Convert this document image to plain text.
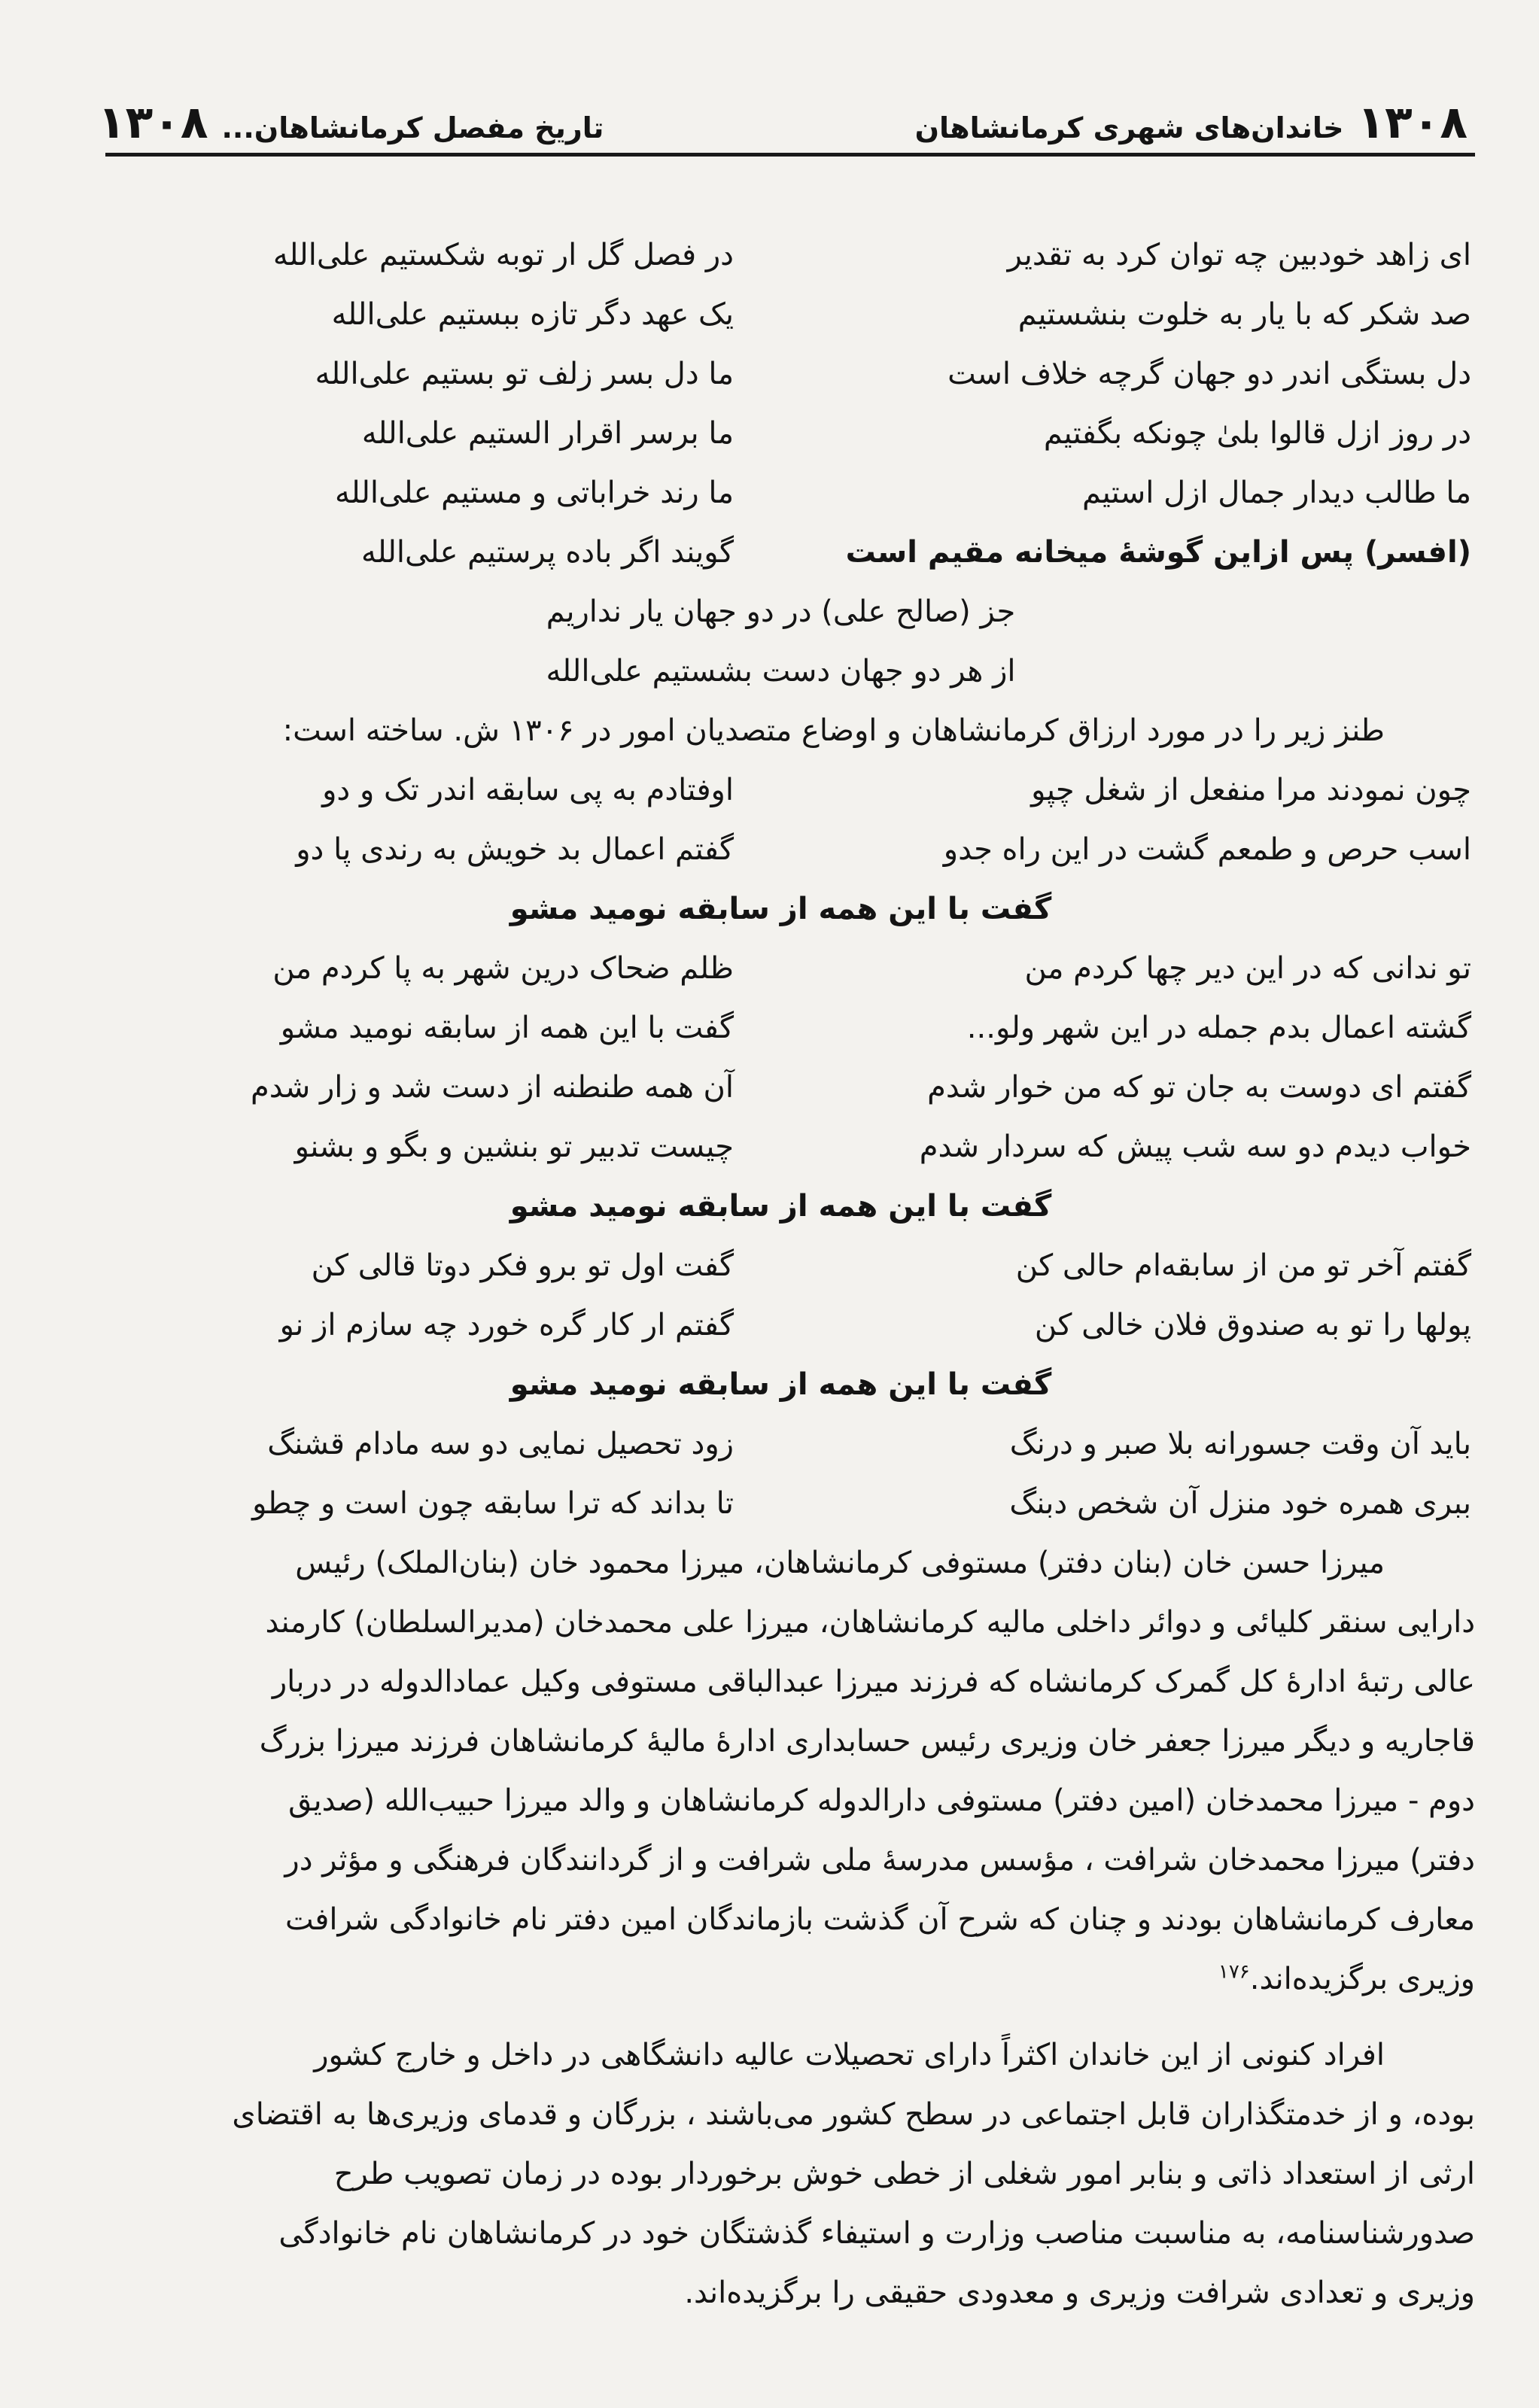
۱۳۰۸
خاندان‌های شهری کرمانشاهان
تاریخ مفصل کرمانشاهان...
۱۳۰۸
ای زاهد خودبین چه توان کرد به تقدیر
در فصل گل ار توبه شکستیم علی‌الله
صد شکر که با یار به خلوت بنشستیم
یک عهد دگر تازه ببستیم علی‌الله
دل بستگی اندر دو جهان گرچه خلاف است
ما دل بسر زلف تو بستیم علی‌الله
در روز ازل قالوا بلیٰ چونکه بگفتیم
ما برسر اقرار الستیم علی‌الله
ما طالب دیدار جمال ازل استیم
ما رند خراباتی و مستیم علی‌الله
(افسر) پس ازاین گوشهٔ میخانه مقیم است
گویند اگر باده پرستیم علی‌الله
جز (صالح علی) در دو جهان یار نداریم
از هر دو جهان دست بشستیم علی‌الله
طنز زیر را در مورد ارزاق کرمانشاهان و اوضاع متصدیان امور در ۱۳۰۶ ش. ساخته است:
چون نمودند مرا منفعل از شغل چپو
اوفتادم به پی سابقه اندر تک و دو
اسب حرص و طمعم گشت در این راه جدو
گفتم اعمال بد خویش به رندی پا دو
گفت با این همه از سابقه نومید مشو
تو ندانی که در این دیر چها کردم من
ظلم ضحاک درین شهر به پا کردم من
گشته اعمال بدم جمله در این شهر ولو...
گفت با این همه از سابقه نومید مشو
گفتم ای دوست به جان تو که من خوار شدم
آن همه طنطنه از دست شد و زار شدم
خواب دیدم دو سه شب پیش که سردار شدم
چیست تدبیر تو بنشین و بگو و بشنو
گفت با این همه از سابقه نومید مشو
گفتم آخر تو من از سابقه‌ام حالی کن
گفت اول تو برو فکر دوتا قالی کن
پولها را تو به صندوق فلان خالی کن
گفتم ار کار گره خورد چه سازم از نو
گفت با این همه از سابقه نومید مشو
باید آن وقت جسورانه بلا صبر و درنگ
زود تحصیل نمایی دو سه مادام قشنگ
ببری همره خود منزل آن شخص دبنگ
تا بداند که ترا سابقه چون است و چطو

میرزا حسن خان (بنان دفتر) مستوفی کرمانشاهان، میرزا محمود خان (بنان‌الملک) رئیس

دارایی سنقر کلیائی و دوائر داخلی مالیه کرمانشاهان، میرزا علی محمدخان (مدیرالسلطان) کارمند

عالی رتبهٔ ادارهٔ کل گمرک کرمانشاه که فرزند میرزا عبدالباقی مستوفی وکیل عمادالدوله در دربار

قاجاریه و دیگر میرزا جعفر خان وزیری رئیس حسابداری ادارهٔ مالیهٔ کرمانشاهان فرزند میرزا بزرگ

دوم - میرزا محمدخان (امین دفتر) مستوفی دارالدوله کرمانشاهان و والد میرزا حبیب‌الله (صدیق

دفتر) میرزا محمدخان شرافت ، مؤسس مدرسهٔ ملی شرافت و از گردانندگان فرهنگی و مؤثر در

معارف کرمانشاهان بودند و چنان که شرح آن گذشت بازماندگان امین دفتر نام خانوادگی شرافت

وزیری برگزیده‌اند.$^{۱۷۶}$

افراد کنونی از این خاندان اکثراً دارای تحصیلات عالیه دانشگاهی در داخل و خارج کشور

بوده، و از خدمتگذاران قابل اجتماعی در سطح کشور می‌باشند ، بزرگان و قدمای وزیری‌ها به اقتضای

ارثی از استعداد ذاتی و بنابر امور شغلی از خطی خوش برخوردار بوده در زمان تصویب طرح

صدورشناسنامه، به مناسبت مناصب وزارت و استیفاء گذشتگان خود در کرمانشاهان نام خانوادگی

وزیری و تعدادی شرافت وزیری و معدودی حقیقی را برگزیده‌اند.
